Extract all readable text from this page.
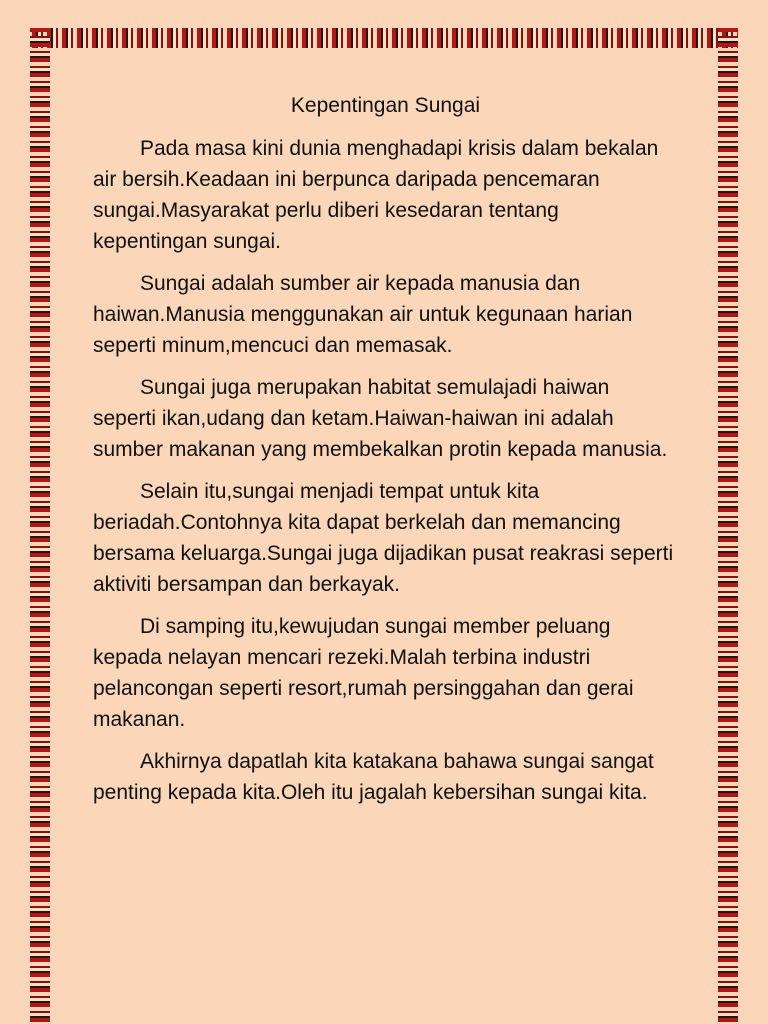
Kepentingan Sungai

Pada masa kini dunia menghadapi krisis dalam bekalan air bersih.Keadaan ini berpunca daripada pencemaran sungai.Masyarakat perlu diberi kesedaran tentang kepentingan sungai.

Sungai adalah sumber air kepada manusia dan haiwan.Manusia menggunakan air untuk kegunaan harian seperti minum,mencuci dan memasak.

Sungai juga merupakan habitat semulajadi haiwan seperti ikan,udang dan ketam.Haiwan-haiwan ini adalah sumber makanan yang membekalkan protin kepada manusia.

Selain itu,sungai menjadi tempat untuk kita beriadah.Contohnya kita dapat berkelah dan memancing bersama keluarga.Sungai juga dijadikan pusat reakrasi seperti aktiviti bersampan dan berkayak.

Di samping itu,kewujudan sungai member peluang kepada nelayan mencari rezeki.Malah terbina industri pelancongan seperti resort,rumah persinggahan dan gerai makanan.

Akhirnya dapatlah kita katakana bahawa sungai sangat penting kepada kita.Oleh itu jagalah kebersihan sungai kita.
